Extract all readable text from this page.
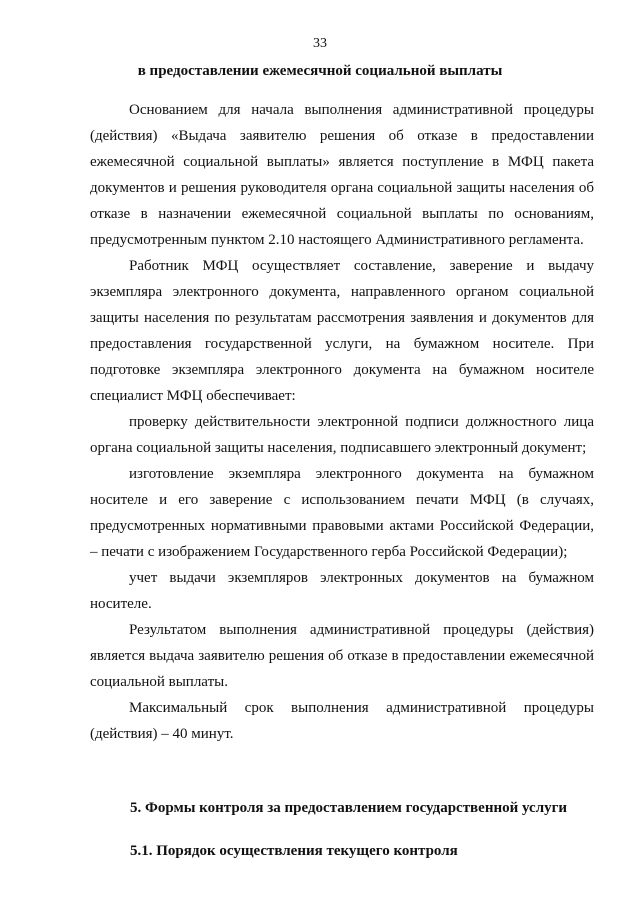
33
в предоставлении ежемесячной социальной выплаты

Основанием для начала выполнения административной процедуры (действия) «Выдача заявителю решения об отказе в предоставлении ежемесячной социальной выплаты» является поступление в МФЦ пакета документов и решения руководителя органа социальной защиты населения об отказе в назначении ежемесячной социальной выплаты по основаниям, предусмотренным пунктом 2.10 настоящего Административного регламента.

Работник МФЦ осуществляет составление, заверение и выдачу экземпляра электронного документа, направленного органом социальной защиты населения по результатам рассмотрения заявления и документов для предоставления государственной услуги, на бумажном носителе. При подготовке экземпляра электронного документа на бумажном носителе специалист МФЦ обеспечивает:

проверку действительности электронной подписи должностного лица органа социальной защиты населения, подписавшего электронный документ;

изготовление экземпляра электронного документа на бумажном носителе и его заверение с использованием печати МФЦ (в случаях, предусмотренных нормативными правовыми актами Российской Федерации, – печати с изображением Государственного герба Российской Федерации);

учет выдачи экземпляров электронных документов на бумажном носителе.

Результатом выполнения административной процедуры (действия) является выдача заявителю решения об отказе в предоставлении ежемесячной социальной выплаты.

Максимальный срок выполнения административной процедуры (действия) – 40 минут.

5. Формы контроля за предоставлением государственной услуги
5.1. Порядок осуществления текущего контроля
